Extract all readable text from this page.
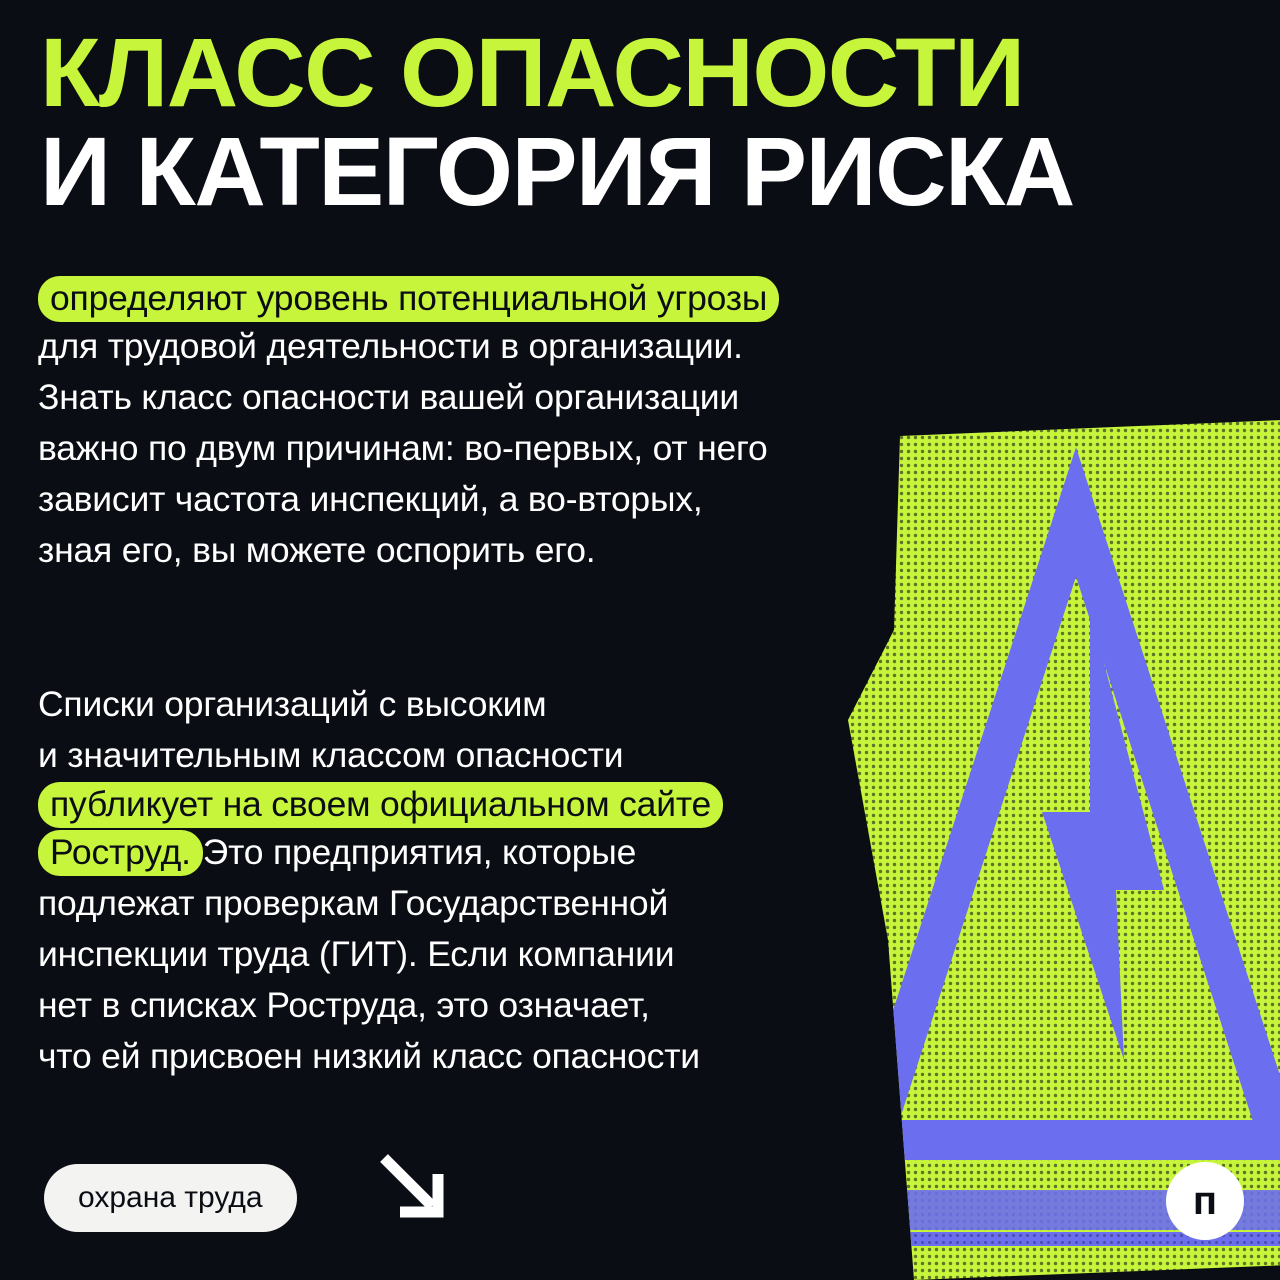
КЛАСС ОПАСНОСТИ
И КАТЕГОРИЯ РИСКА
определяют уровень потенциальной угрозы
для трудовой деятельности в организации.
Знать класс опасности вашей организации
важно по двум причинам: во-первых, от него
зависит частота инспекций, а во-вторых,
зная его, вы можете оспорить его.
Списки организаций с высоким
и значительным классом опасности
публикует на своем официальном сайте
Роструд.Это предприятия, которые
подлежат проверкам Государственной
инспекции труда (ГИТ). Если компании
нет в списках Роструда, это означает,
что ей присвоен низкий класс опасности
охрана труда	п
